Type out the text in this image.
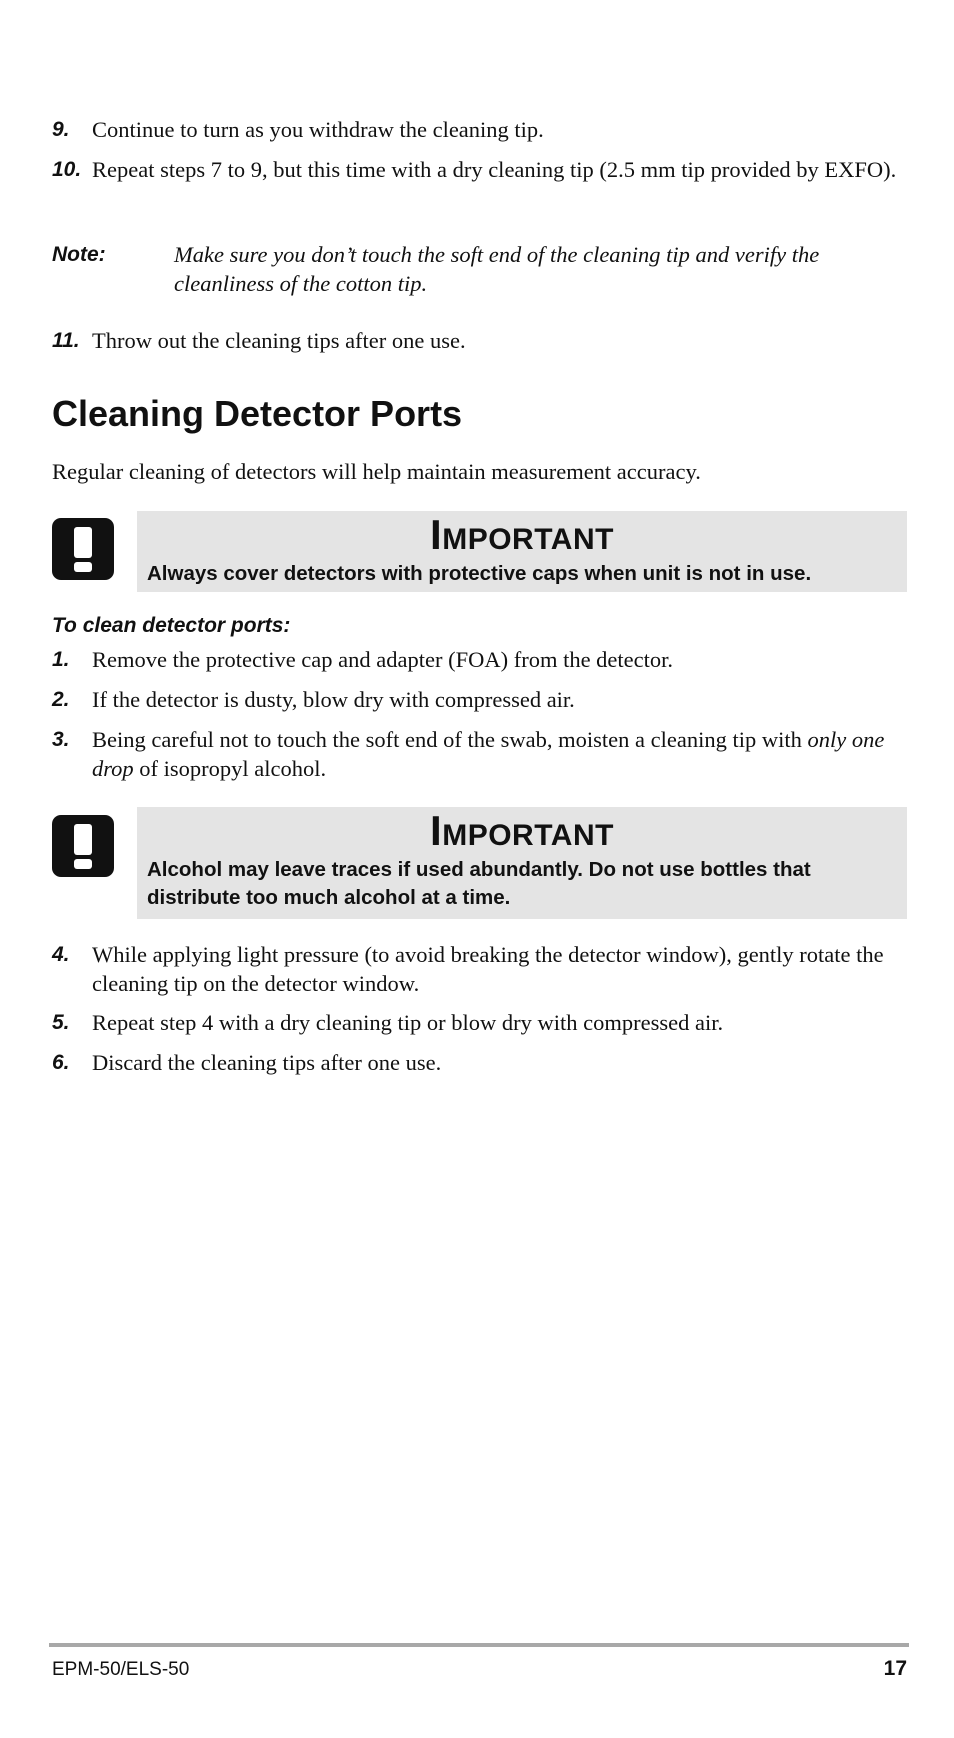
9. Continue to turn as you withdraw the cleaning tip.
10. Repeat steps 7 to 9, but this time with a dry cleaning tip (2.5 mm tip provided by EXFO).
Note:	Make sure you don’t touch the soft end of the cleaning tip and verify the cleanliness of the cotton tip.
11. Throw out the cleaning tips after one use.
Cleaning Detector Ports
Regular cleaning of detectors will help maintain measurement accuracy.
IMPORTANT
Always cover detectors with protective caps when unit is not in use.
To clean detector ports:
1. Remove the protective cap and adapter (FOA) from the detector.
2. If the detector is dusty, blow dry with compressed air.
3. Being careful not to touch the soft end of the swab, moisten a cleaning tip with only one drop of isopropyl alcohol.
IMPORTANT
Alcohol may leave traces if used abundantly. Do not use bottles that distribute too much alcohol at a time.
4. While applying light pressure (to avoid breaking the detector window), gently rotate the cleaning tip on the detector window.
5. Repeat step 4 with a dry cleaning tip or blow dry with compressed air.
6. Discard the cleaning tips after one use.
EPM-50/ELS-50	17
